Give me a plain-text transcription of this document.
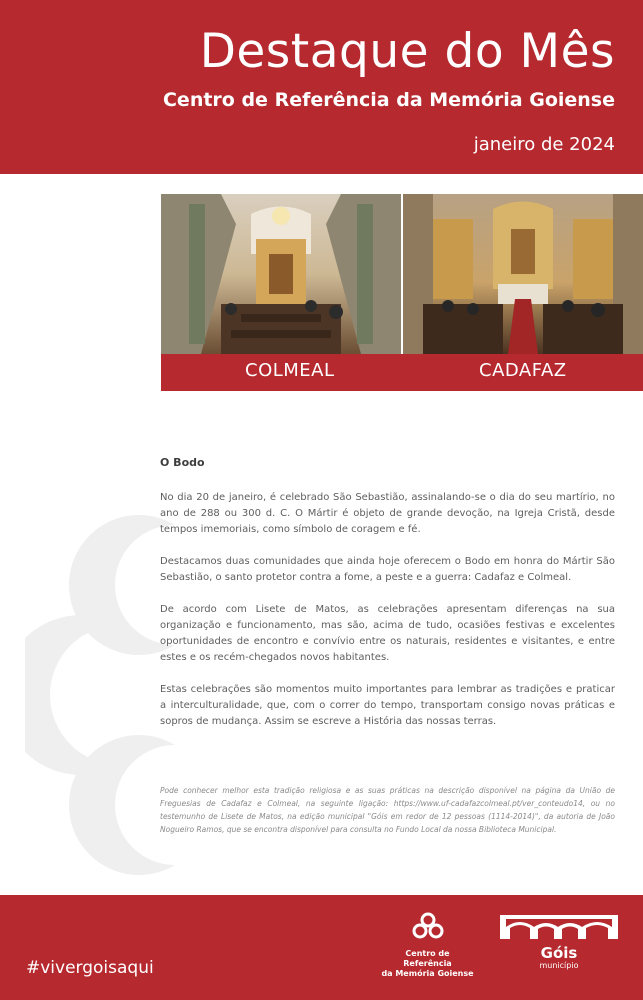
Destaque do Mês
Centro de Referência da Memória Goiense
janeiro de 2024
COLMEAL	CADAFAZ
O Bodo

No dia 20 de janeiro, é celebrado São Sebastião, assinalando-se o dia do seu martírio, no ano de 288 ou 300 d. C. O Mártir é objeto de grande devoção, na Igreja Cristã, desde tempos imemoriais, como símbolo de coragem e fé.

Destacamos duas comunidades que ainda hoje oferecem o Bodo em honra do Mártir São Sebastião, o santo protetor contra a fome, a peste e a guerra: Cadafaz e Colmeal.

De acordo com Lisete de Matos, as celebrações apresentam diferenças na sua organização e funcionamento, mas são, acima de tudo, ocasiões festivas e excelentes oportunidades de encontro e convívio entre os naturais, residentes e visitantes, e entre estes e os recém-chegados novos habitantes.

Estas celebrações são momentos muito importantes para lembrar as tradições e praticar a interculturalidade, que, com o correr do tempo, transportam consigo novas práticas e sopros de mudança. Assim se escreve a História das nossas terras.

Pode conhecer melhor esta tradição religiosa e as suas práticas na descrição disponível na página da União de Freguesias de Cadafaz e Colmeal, na seguinte ligação: https://www.uf-cadafazcolmeal.pt/ver_conteudo14, ou no testemunho de Lisete de Matos, na edição municipal "Góis em redor de 12 pessoas (1114-2014)", da autoria de João Nogueiro Ramos, que se encontra disponível para consulta no Fundo Local da nossa Biblioteca Municipal.
#vivergoisaqui
Centro de Referência
da Memória Goiense
Góis
município
